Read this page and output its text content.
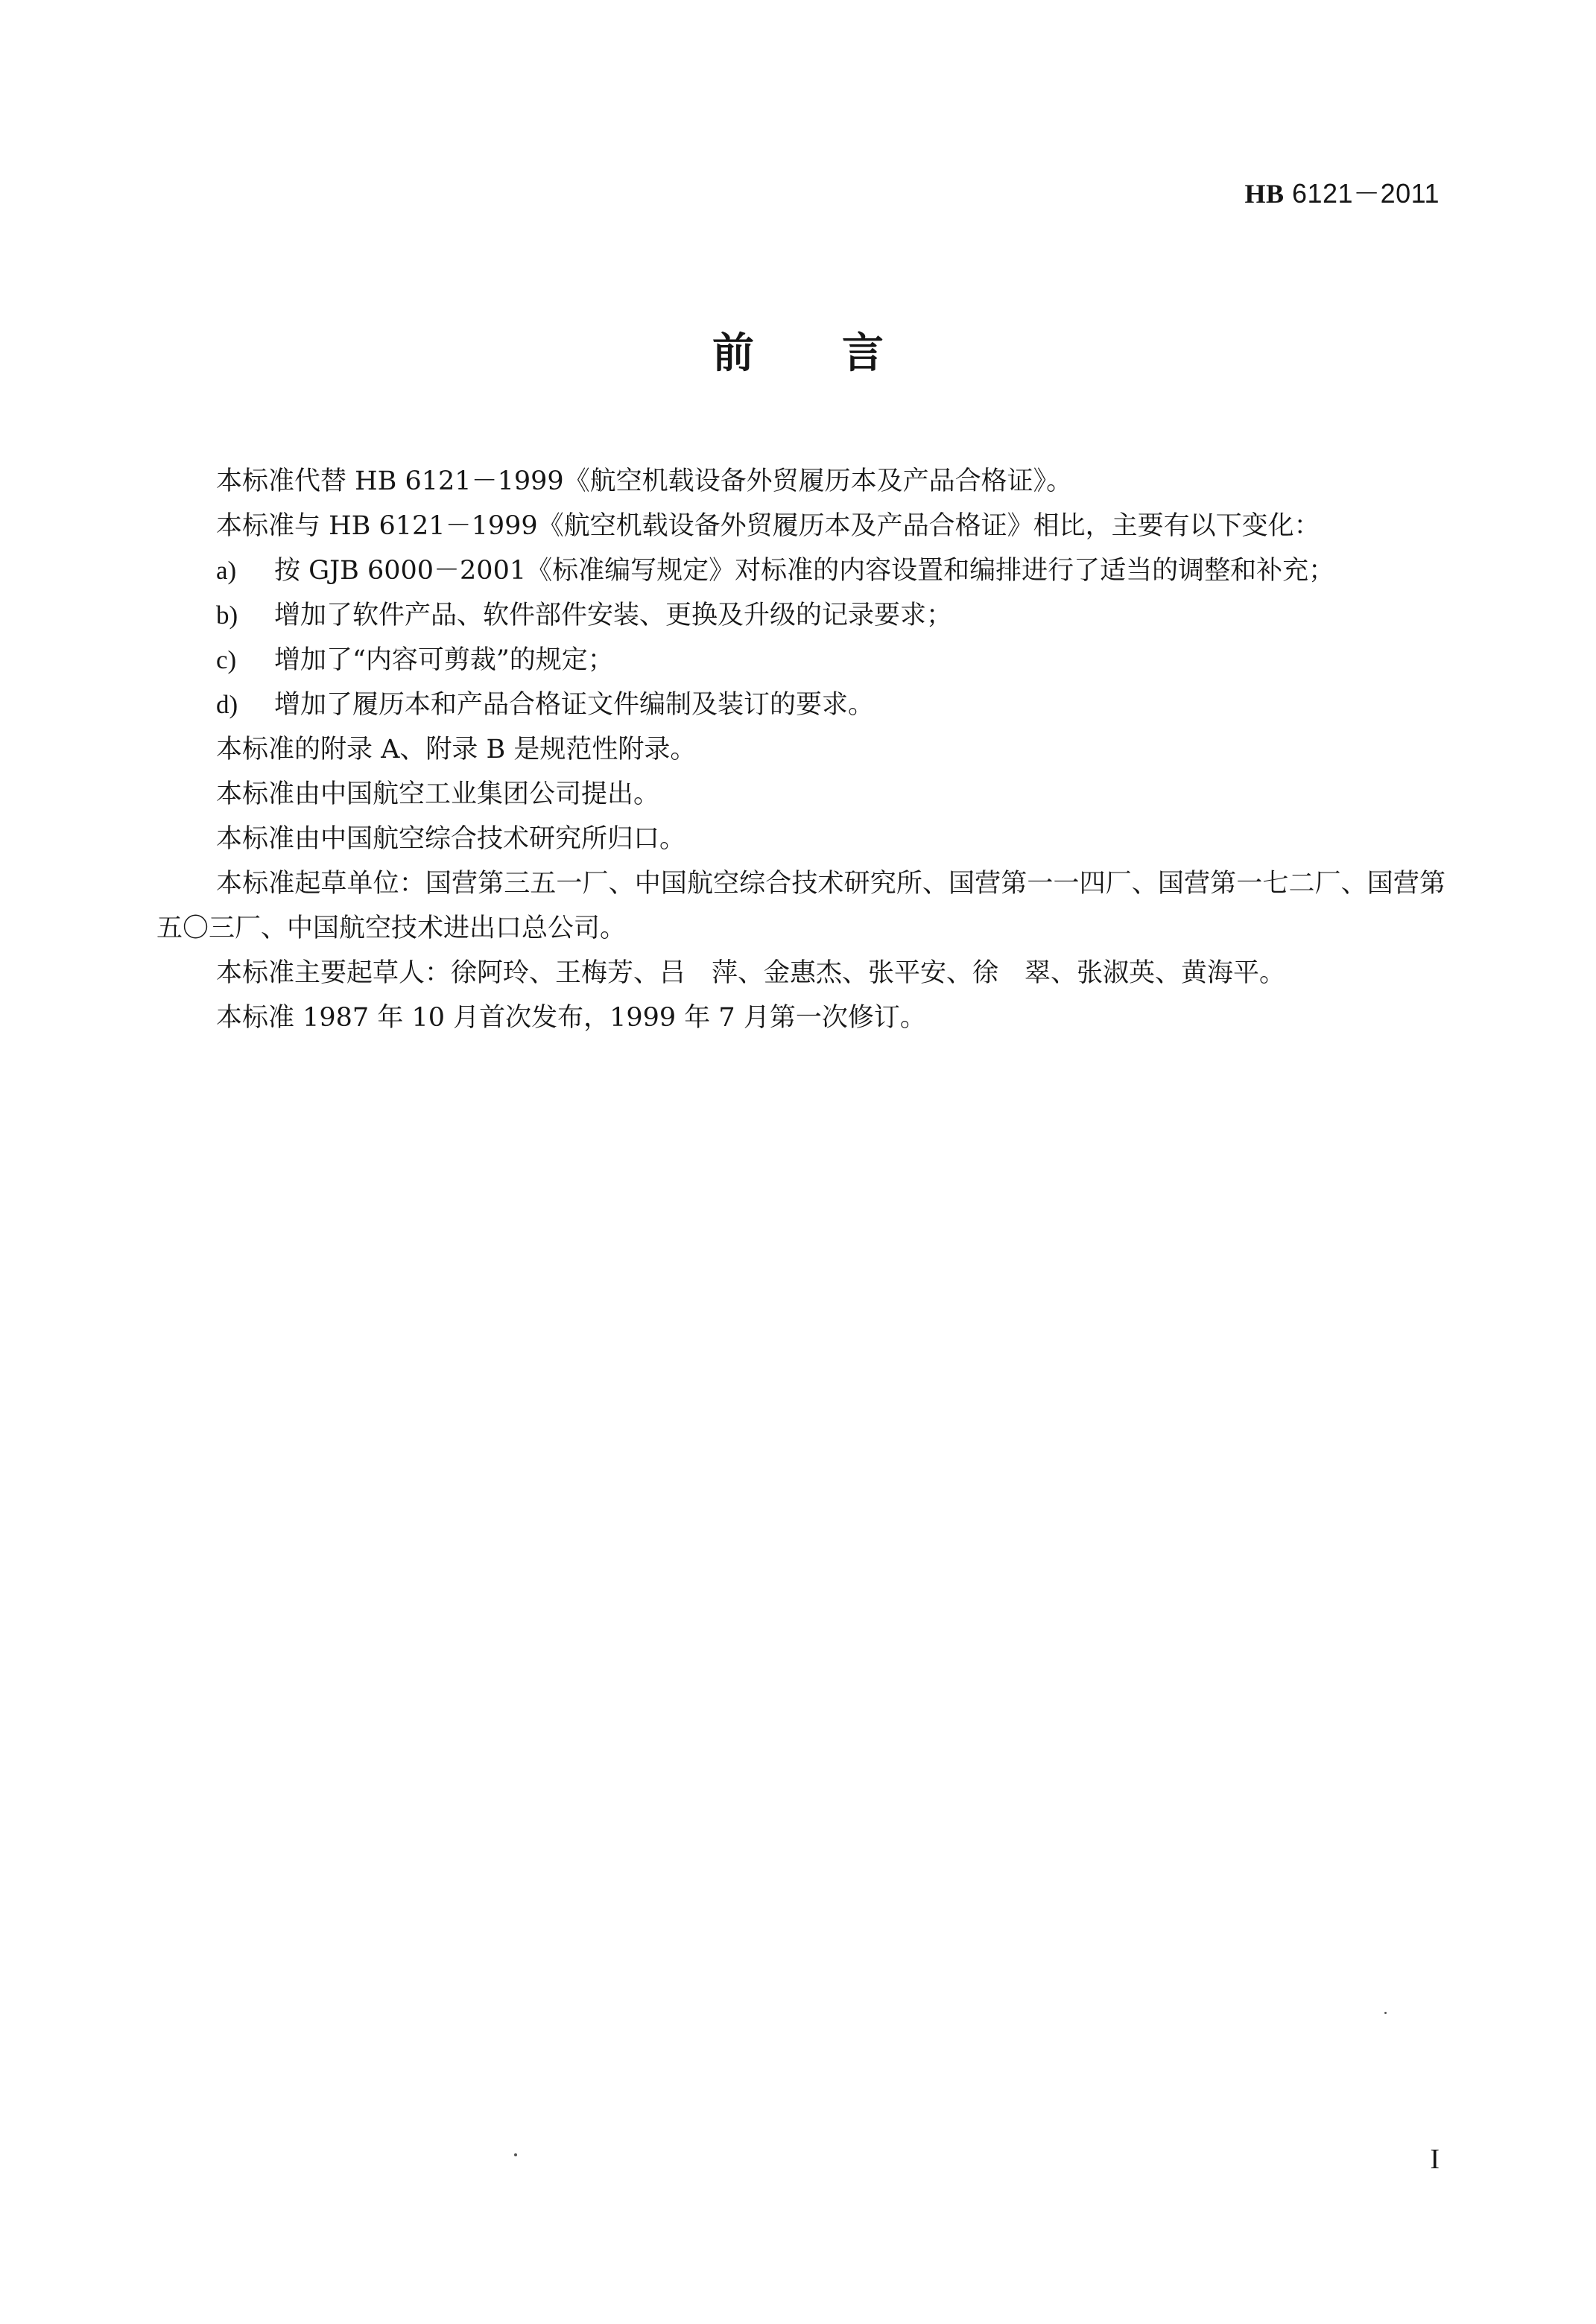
HB 6121－2011
前言

本标准代替 HB 6121－1999《航空机载设备外贸履历本及产品合格证》。

本标准与 HB 6121－1999《航空机载设备外贸履历本及产品合格证》相比，主要有以下变化：

a) 按 GJB 6000－2001《标准编写规定》对标准的内容设置和编排进行了适当的调整和补充；

b) 增加了软件产品、软件部件安装、更换及升级的记录要求；

c) 增加了“内容可剪裁”的规定；

d) 增加了履历本和产品合格证文件编制及装订的要求。

本标准的附录 A、附录 B 是规范性附录。

本标准由中国航空工业集团公司提出。

本标准由中国航空综合技术研究所归口。

本标准起草单位：国营第三五一厂、中国航空综合技术研究所、国营第一一四厂、国营第一七二厂、国营第五〇三厂、中国航空技术进出口总公司。

本标准主要起草人：徐阿玲、王梅芳、吕　萍、金惠杰、张平安、徐　翠、张淑英、黄海平。

本标准 1987 年 10 月首次发布，1999 年 7 月第一次修订。

I
